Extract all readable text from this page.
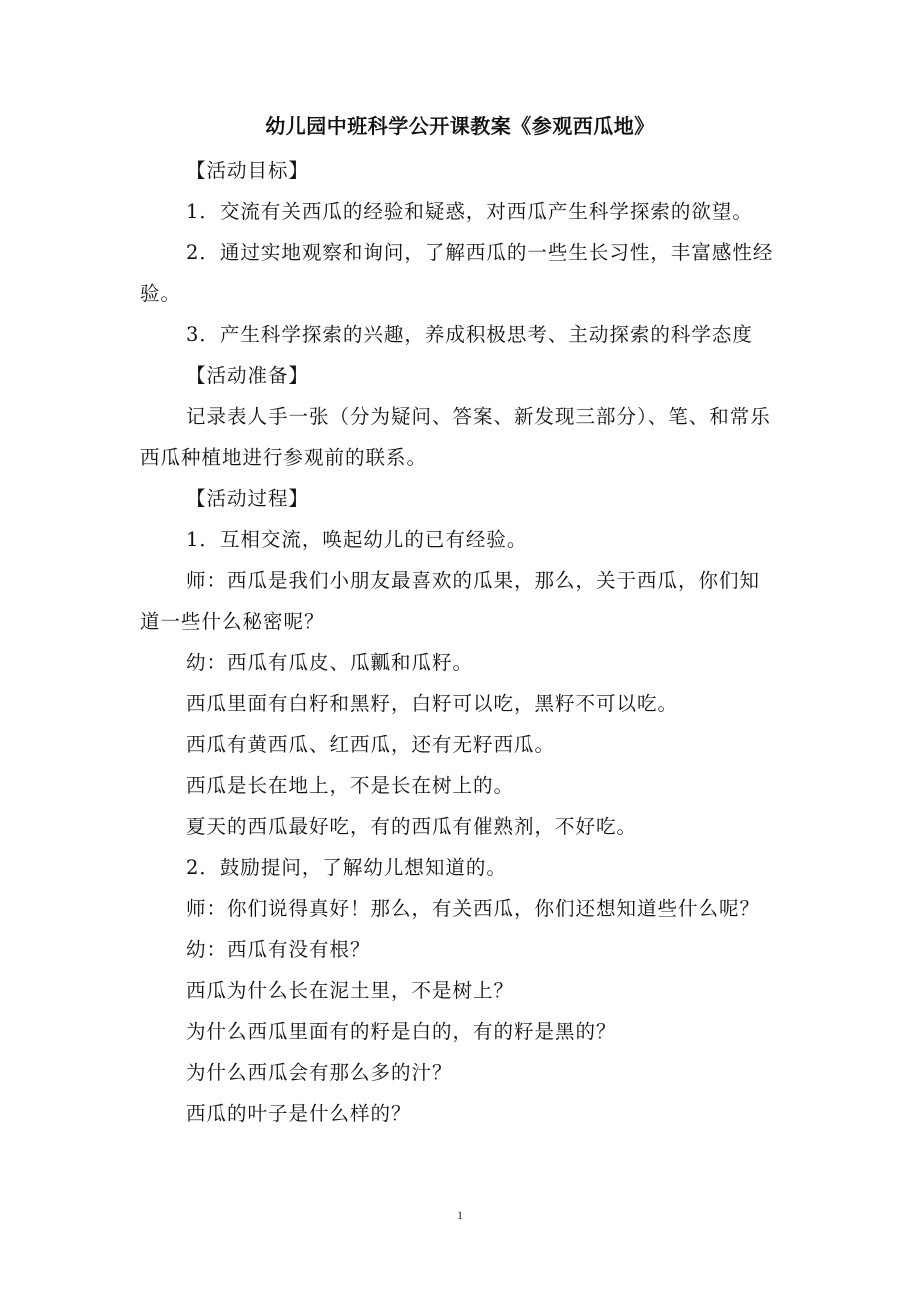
幼儿园中班科学公开课教案《参观西瓜地》

【活动目标】

1．交流有关西瓜的经验和疑惑，对西瓜产生科学探索的欲望。

2．通过实地观察和询问，了解西瓜的一些生长习性，丰富感性经验。

3．产生科学探索的兴趣，养成积极思考、主动探索的科学态度

【活动准备】

记录表人手一张（分为疑问、答案、新发现三部分）、笔、和常乐西瓜种植地进行参观前的联系。

【活动过程】

1．互相交流，唤起幼儿的已有经验。

师：西瓜是我们小朋友最喜欢的瓜果，那么，关于西瓜，你们知道一些什么秘密呢？

幼：西瓜有瓜皮、瓜瓤和瓜籽。

西瓜里面有白籽和黑籽，白籽可以吃，黑籽不可以吃。

西瓜有黄西瓜、红西瓜，还有无籽西瓜。

西瓜是长在地上，不是长在树上的。

夏天的西瓜最好吃，有的西瓜有催熟剂，不好吃。

2．鼓励提问，了解幼儿想知道的。

师：你们说得真好！那么，有关西瓜，你们还想知道些什么呢？

幼：西瓜有没有根？

西瓜为什么长在泥土里，不是树上？

为什么西瓜里面有的籽是白的，有的籽是黑的？

为什么西瓜会有那么多的汁？

西瓜的叶子是什么样的？

1
